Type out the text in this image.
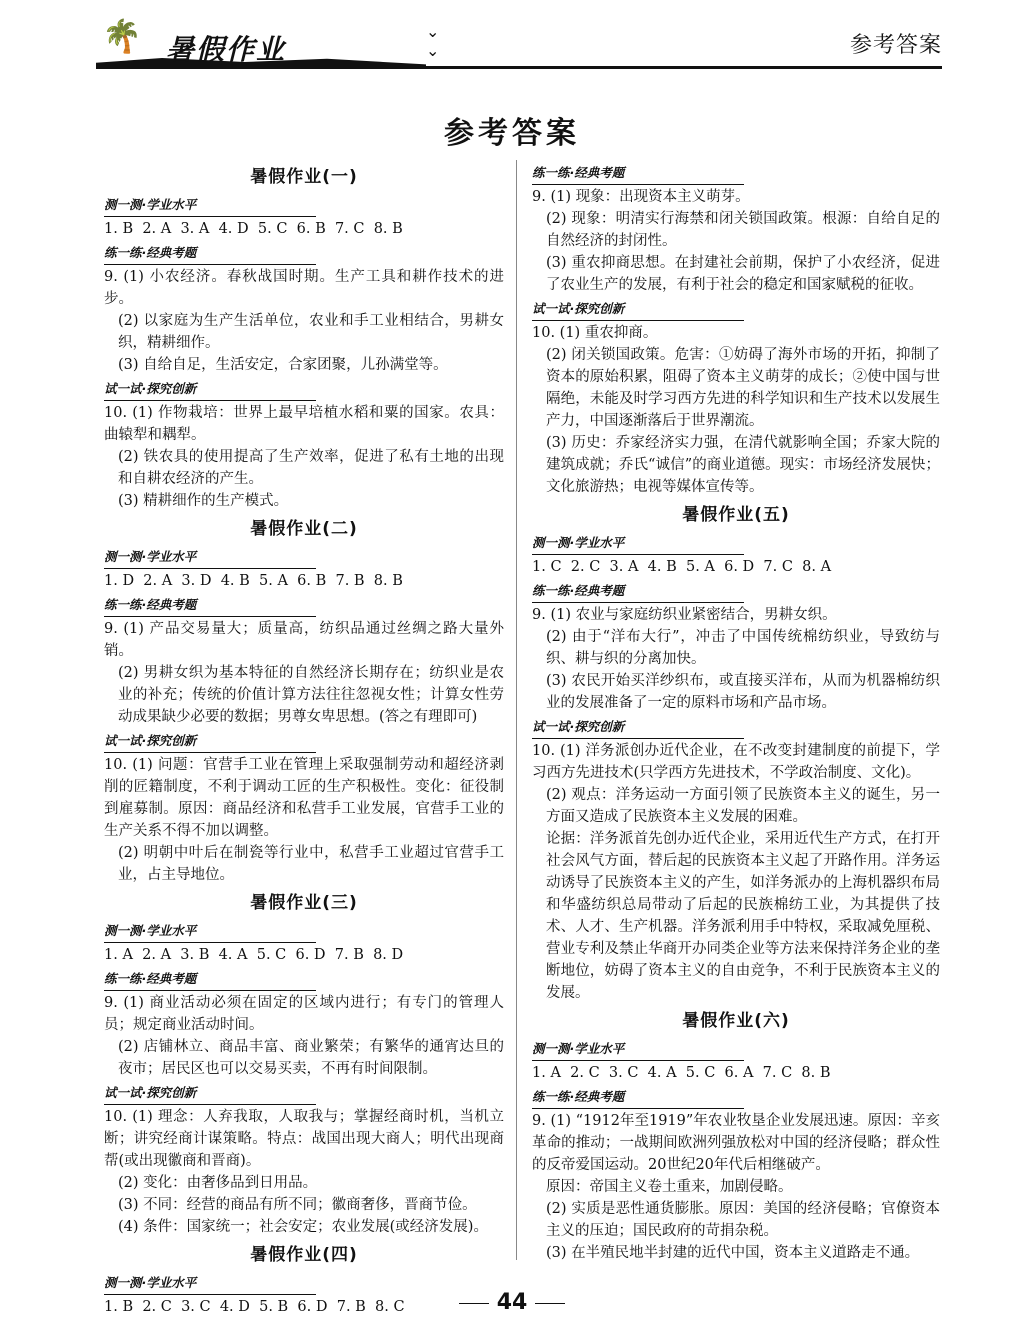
🌴 暑假作业
⌄ ⌄	参考答案
参考答案
暑假作业(一)
测一测·学业水平
1. B  2. A  3. A  4. D  5. C  6. B  7. C  8. B
练一练·经典考题
9. (1) 小农经济。春秋战国时期。生产工具和耕作技术的进步。
(2) 以家庭为生产生活单位，农业和手工业相结合，男耕女织，精耕细作。
(3) 自给自足，生活安定，合家团聚，儿孙满堂等。
试一试·探究创新
10. (1) 作物栽培：世界上最早培植水稻和粟的国家。农具：曲辕犁和耦犁。
(2) 铁农具的使用提高了生产效率，促进了私有土地的出现和自耕农经济的产生。
(3) 精耕细作的生产模式。
暑假作业(二)
测一测·学业水平
1. D  2. A  3. D  4. B  5. A  6. B  7. B  8. B
练一练·经典考题
9. (1) 产品交易量大；质量高，纺织品通过丝绸之路大量外销。
(2) 男耕女织为基本特征的自然经济长期存在；纺织业是农业的补充；传统的价值计算方法往往忽视女性；计算女性劳动成果缺少必要的数据；男尊女卑思想。(答之有理即可)
试一试·探究创新
10. (1) 问题：官营手工业在管理上采取强制劳动和超经济剥削的匠籍制度，不利于调动工匠的生产积极性。变化：征役制到雇募制。原因：商品经济和私营手工业发展，官营手工业的生产关系不得不加以调整。
(2) 明朝中叶后在制瓷等行业中，私营手工业超过官营手工业，占主导地位。
暑假作业(三)
测一测·学业水平
1. A  2. A  3. B  4. A  5. C  6. D  7. B  8. D
练一练·经典考题
9. (1) 商业活动必须在固定的区域内进行；有专门的管理人员；规定商业活动时间。
(2) 店铺林立、商品丰富、商业繁荣；有繁华的通宵达旦的夜市；居民区也可以交易买卖，不再有时间限制。
试一试·探究创新
10. (1) 理念：人弃我取，人取我与；掌握经商时机，当机立断；讲究经商计谋策略。特点：战国出现大商人；明代出现商帮(或出现徽商和晋商)。
(2) 变化：由奢侈品到日用品。
(3) 不同：经营的商品有所不同；徽商奢侈，晋商节俭。
(4) 条件：国家统一；社会安定；农业发展(或经济发展)。
暑假作业(四)
测一测·学业水平
1. B  2. C  3. C  4. D  5. B  6. D  7. B  8. C
练一练·经典考题
9. (1) 现象：出现资本主义萌芽。
(2) 现象：明清实行海禁和闭关锁国政策。根源：自给自足的自然经济的封闭性。
(3) 重农抑商思想。在封建社会前期，保护了小农经济，促进了农业生产的发展，有利于社会的稳定和国家赋税的征收。
试一试·探究创新
10. (1) 重农抑商。
(2) 闭关锁国政策。危害：①妨碍了海外市场的开拓，抑制了资本的原始积累，阻碍了资本主义萌芽的成长；②使中国与世隔绝，未能及时学习西方先进的科学知识和生产技术以发展生产力，中国逐渐落后于世界潮流。
(3) 历史：乔家经济实力强，在清代就影响全国；乔家大院的建筑成就；乔氏“诚信”的商业道德。现实：市场经济发展快；文化旅游热；电视等媒体宣传等。
暑假作业(五)
测一测·学业水平
1. C  2. C  3. A  4. B  5. A  6. D  7. C  8. A
练一练·经典考题
9. (1) 农业与家庭纺织业紧密结合，男耕女织。
(2) 由于“洋布大行”，冲击了中国传统棉纺织业，导致纺与织、耕与织的分离加快。
(3) 农民开始买洋纱织布，或直接买洋布，从而为机器棉纺织业的发展准备了一定的原料市场和产品市场。
试一试·探究创新
10. (1) 洋务派创办近代企业，在不改变封建制度的前提下，学习西方先进技术(只学西方先进技术，不学政治制度、文化)。
(2) 观点：洋务运动一方面引领了民族资本主义的诞生，另一方面又造成了民族资本主义发展的困难。
论据：洋务派首先创办近代企业，采用近代生产方式，在打开社会风气方面，替后起的民族资本主义起了开路作用。洋务运动诱导了民族资本主义的产生，如洋务派办的上海机器织布局和华盛纺织总局带动了后起的民族棉纺工业，为其提供了技术、人才、生产机器。洋务派利用手中特权，采取减免厘税、营业专利及禁止华商开办同类企业等方法来保持洋务企业的垄断地位，妨碍了资本主义的自由竞争，不利于民族资本主义的发展。
暑假作业(六)
测一测·学业水平
1. A  2. C  3. C  4. A  5. C  6. A  7. C  8. B
练一练·经典考题
9. (1) “1912年至1919”年农业牧垦企业发展迅速。原因：辛亥革命的推动；一战期间欧洲列强放松对中国的经济侵略；群众性的反帝爱国运动。20世纪20年代后相继破产。
原因：帝国主义卷土重来，加剧侵略。
(2) 实质是恶性通货膨胀。原因：美国的经济侵略；官僚资本主义的压迫；国民政府的苛捐杂税。
(3) 在半殖民地半封建的近代中国，资本主义道路走不通。
44
